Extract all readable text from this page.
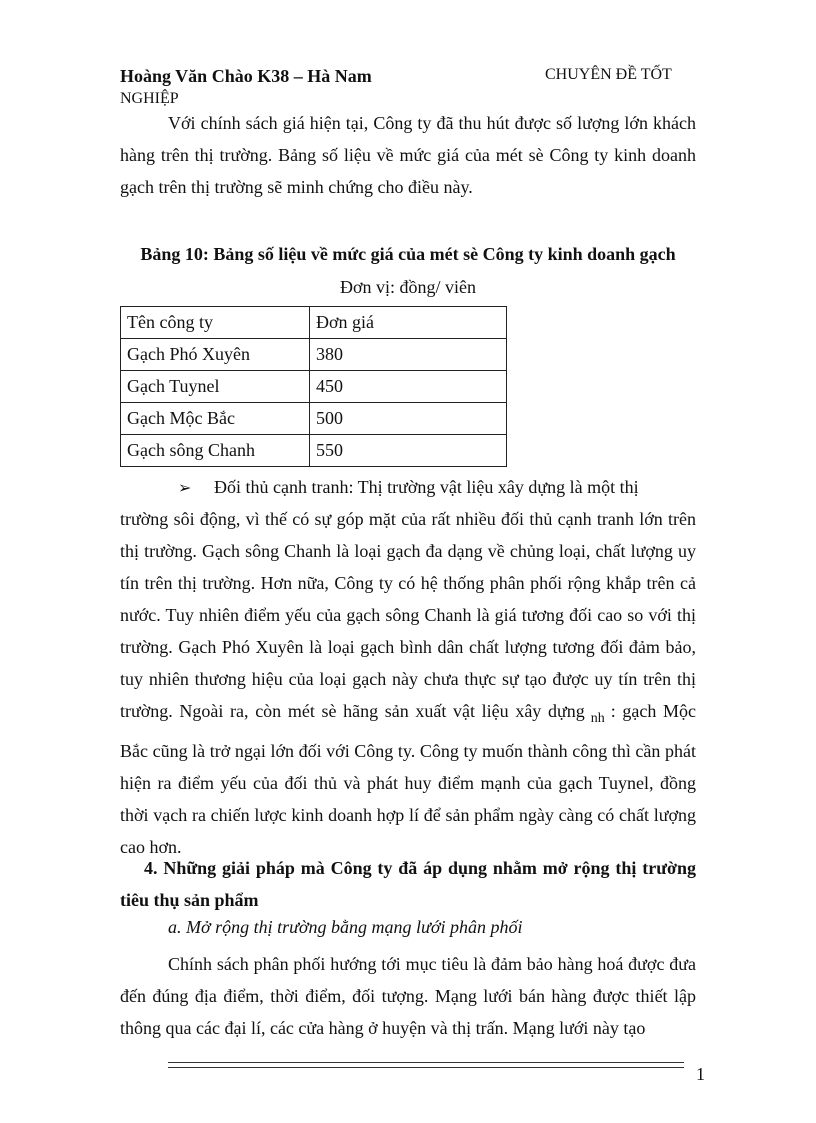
Hoàng Văn Chào K38 – Hà Nam	CHUYÊN ĐỀ TỐT
NGHIỆP
Với chính sách giá hiện tại, Công ty đã thu hút được số lượng lớn khách hàng trên thị trường. Bảng số liệu về mức giá của mét sè Công ty kinh doanh gạch trên thị trường sẽ minh chứng cho điều này.
Bảng 10: Bảng số liệu về mức giá của mét sè Công ty kinh doanh gạch
Đơn vị: đồng/ viên
Tên công ty	Đơn giá
Gạch Phó Xuyên	380
Gạch Tuynel	450
Gạch Mộc Bắc	500
Gạch sông Chanh	550
➢ Đối thủ cạnh tranh: Thị trường vật liệu xây dựng là một thị
trường sôi động, vì thế có sự góp mặt của rất nhiều đối thủ cạnh tranh lớn trên thị trường. Gạch sông Chanh là loại gạch đa dạng về chủng loại, chất lượng uy tín trên thị trường. Hơn nữa, Công ty có hệ thống phân phối rộng khắp trên cả nước. Tuy nhiên điểm yếu của gạch sông Chanh là giá tương đối cao so với thị trường. Gạch Phó Xuyên là loại gạch bình dân chất lượng tương đối đảm bảo, tuy nhiên thương hiệu của loại gạch này chưa thực sự tạo được uy tín trên thị trường. Ngoài ra, còn mét sè hãng sản xuất vật liệu xây dựng $_{nh}$ : gạch Mộc Bắc cũng là trở ngại lớn đối với Công ty. Công ty muốn thành công thì cần phát hiện ra điểm yếu của đối thủ và phát huy điểm mạnh của gạch Tuynel, đồng thời vạch ra chiến lược kinh doanh hợp lí để sản phẩm ngày càng có chất lượng cao hơn.
4. Những giải pháp mà Công ty đã áp dụng nhằm mở rộng thị trường tiêu thụ sản phẩm
a. Mở rộng thị trường bằng mạng lưới phân phối
Chính sách phân phối hướng tới mục tiêu là đảm bảo hàng hoá được đưa đến đúng địa điểm, thời điểm, đối tượng. Mạng lưới bán hàng được thiết lập thông qua các đại lí, các cửa hàng ở huyện và thị trấn. Mạng lưới này tạo
1
